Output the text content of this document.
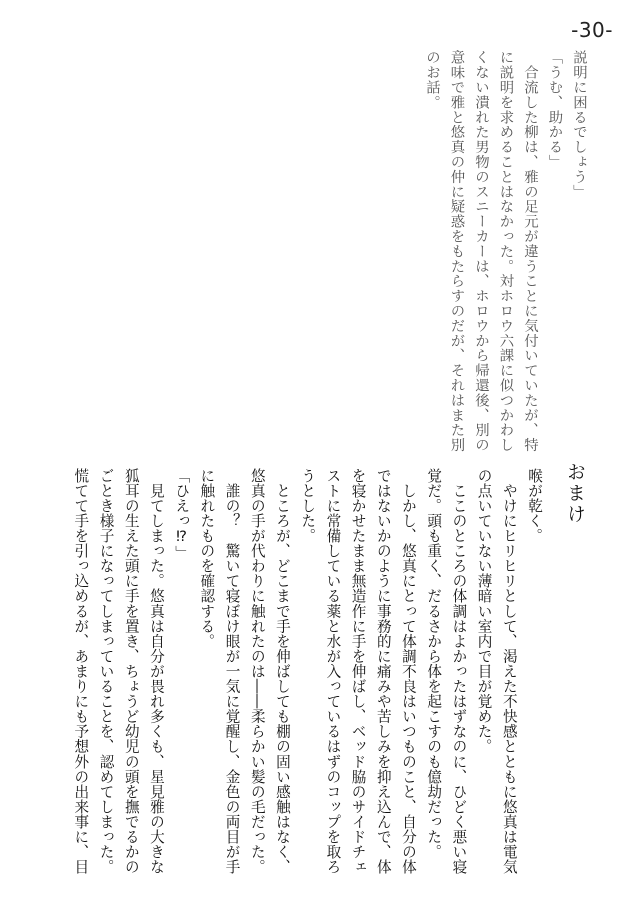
-30-
説明に困るでしょう」
「うむ、助かる」
　合流した柳は、雅の足元が違うことに気付いていたが、特
に説明を求めることはなかった。対ホロウ六課に似つかわし
くない潰れた男物のスニーカーは、ホロウから帰還後、別の
意味で雅と悠真の仲に疑惑をもたらすのだが、それはまた別
のお話。
おまけ
喉が乾く。
　やけにヒリヒリとして、渇えた不快感とともに悠真は電気
の点いていない薄暗い室内で目が覚めた。
　ここのところの体調はよかったはずなのに、ひどく悪い寝
覚だ。頭も重く、だるさから体を起こすのも億劫だった。
　しかし、悠真にとって体調不良はいつものこと、自分の体
ではないかのように事務的に痛みや苦しみを抑え込んで、体
を寝かせたまま無造作に手を伸ばし、ベッド脇のサイドチェ
ストに常備している薬と水が入っているはずのコップを取ろ
うとした。
　ところが、どこまで手を伸ばしても棚の固い感触はなく、
悠真の手が代わりに触れたのは――柔らかい髪の毛だった。
　誰の？　驚いて寝ぼけ眼が一気に覚醒し、金色の両目が手
に触れたものを確認する。
「ひえっ⁉」
　見てしまった。悠真は自分が畏れ多くも、星見雅の大きな
狐耳の生えた頭に手を置き、ちょうど幼児の頭を撫でるかの
ごとき様子になってしまっていることを、認めてしまった。
慌てて手を引っ込めるが、あまりにも予想外の出来事に、目
